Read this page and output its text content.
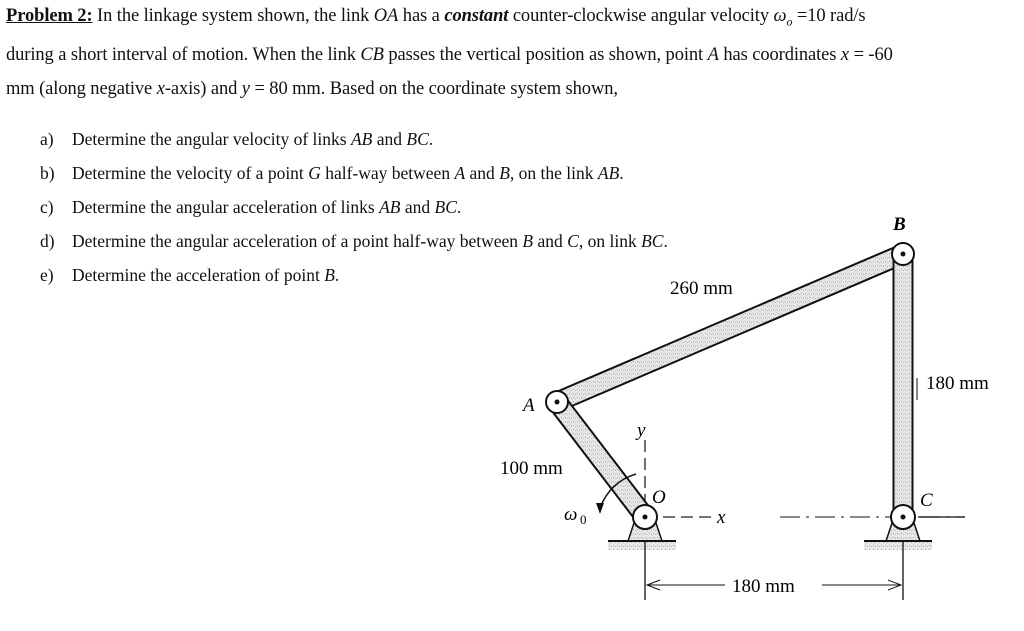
Problem 2: In the linkage system shown, the link OA has a constant counter-clockwise angular velocity $\omega_o =10$ rad/s
during a short interval of motion. When the link CB passes the vertical position as shown, point A has coordinates x = -60
mm (along negative x-axis) and y = 80 mm. Based on the coordinate system shown,
a) Determine the angular velocity of links AB and BC.
b) Determine the velocity of a point G half-way between A and B, on the link AB.
c) Determine the angular acceleration of links AB and BC.
d) Determine the angular acceleration of a point half-way between B and C, on link BC.
e) Determine the acceleration of point B.
A
B
C
O
y
x
ω 0
260 mm
100 mm
180 mm
180 mm
